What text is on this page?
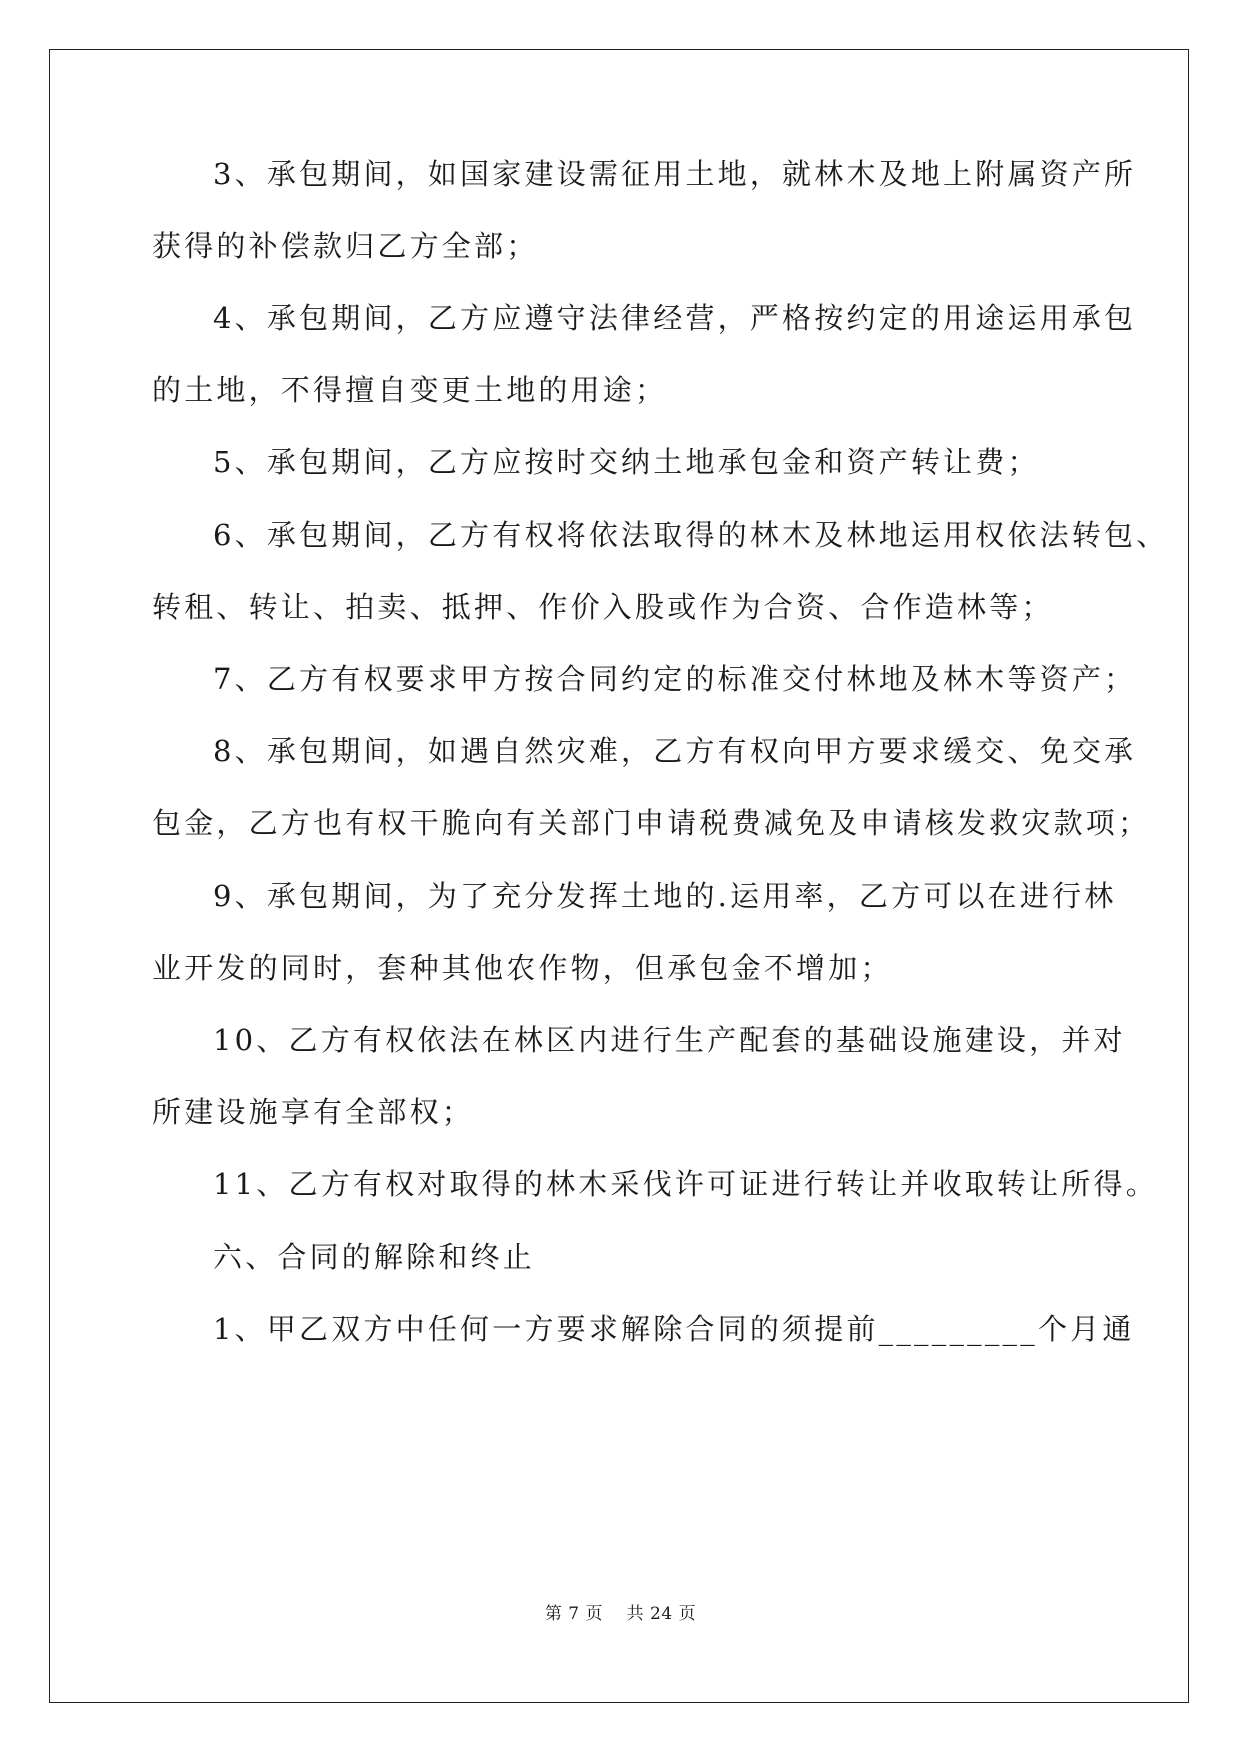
3、承包期间，如国家建设需征用土地，就林木及地上附属资产所
获得的补偿款归乙方全部；
4、承包期间，乙方应遵守法律经营，严格按约定的用途运用承包
的土地，不得擅自变更土地的用途；
5、承包期间，乙方应按时交纳土地承包金和资产转让费；
6、承包期间，乙方有权将依法取得的林木及林地运用权依法转包、
转租、转让、拍卖、抵押、作价入股或作为合资、合作造林等；
7、乙方有权要求甲方按合同约定的标准交付林地及林木等资产；
8、承包期间，如遇自然灾难，乙方有权向甲方要求缓交、免交承
包金，乙方也有权干脆向有关部门申请税费减免及申请核发救灾款项；
9、承包期间，为了充分发挥土地的.运用率，乙方可以在进行林
业开发的同时，套种其他农作物，但承包金不增加；
10、乙方有权依法在林区内进行生产配套的基础设施建设，并对
所建设施享有全部权；
11、乙方有权对取得的林木采伐许可证进行转让并收取转让所得。
六、合同的解除和终止
1、甲乙双方中任何一方要求解除合同的须提前_________个月通
第 7 页    共 24 页
